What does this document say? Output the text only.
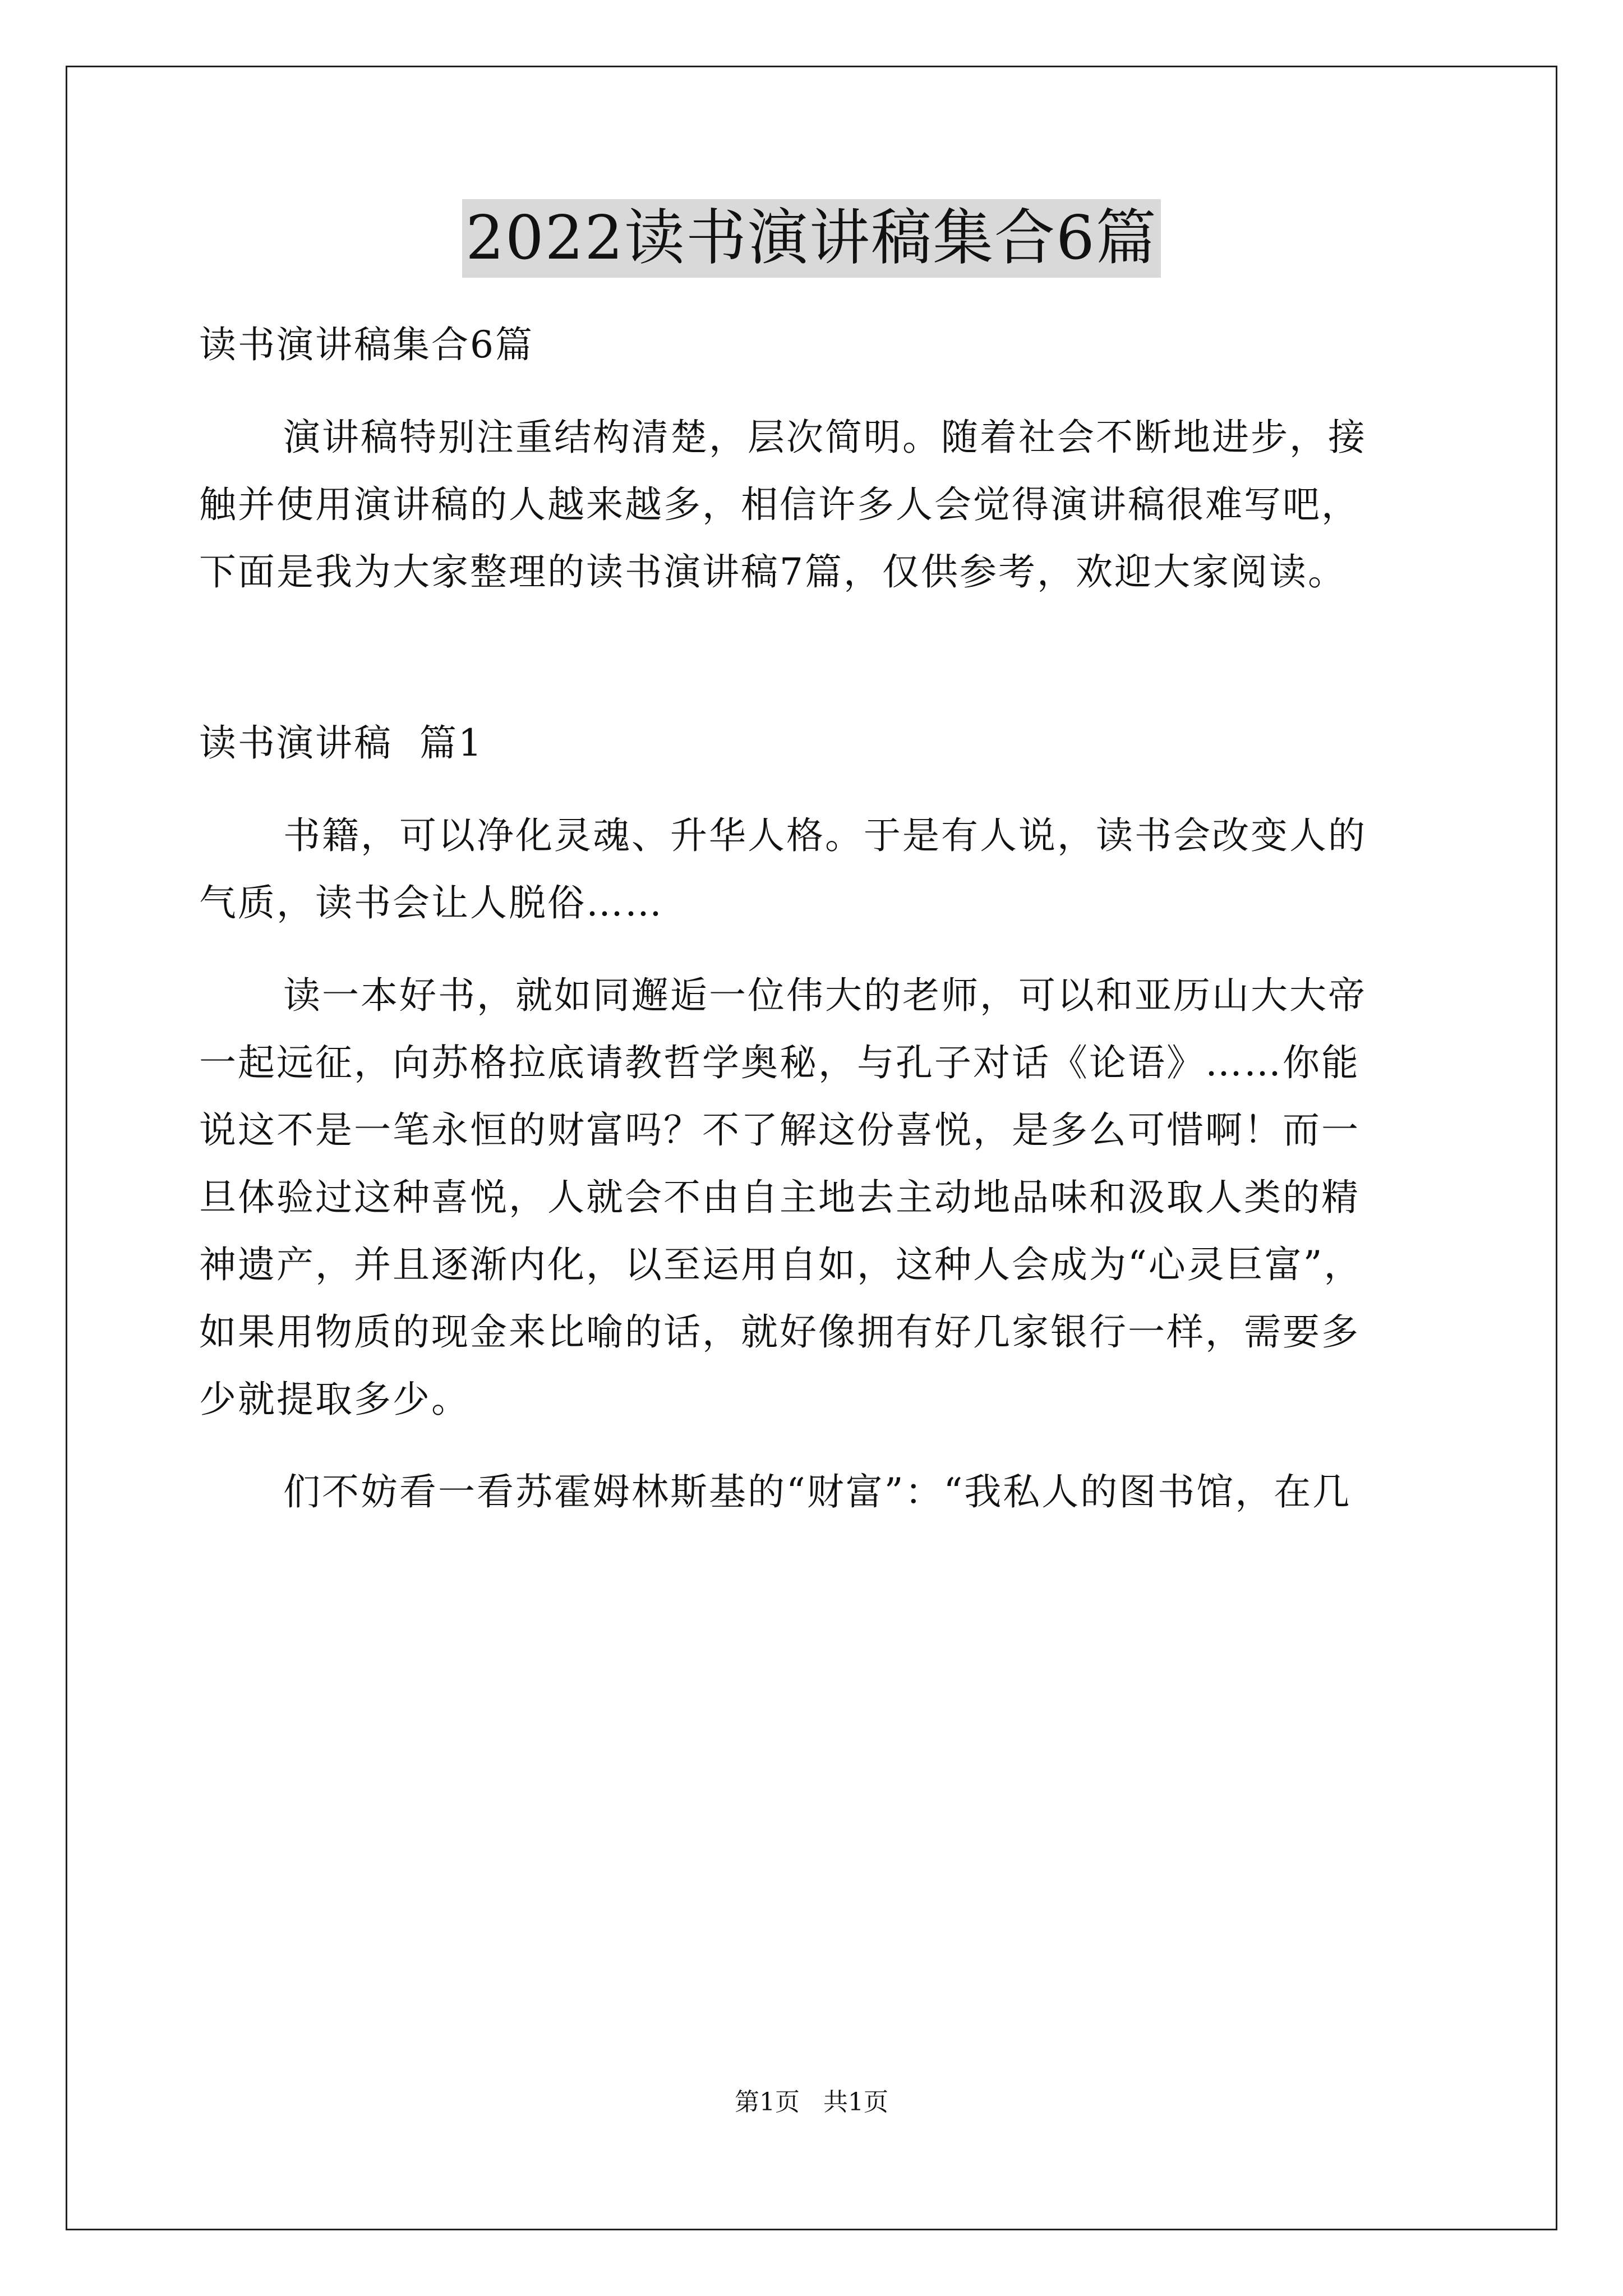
2022读书演讲稿集合6篇
读书演讲稿集合6篇
演讲稿特别注重结构清楚，层次简明。随着社会不断地进步，接
触并使用演讲稿的人越来越多，相信许多人会觉得演讲稿很难写吧，
下面是我为大家整理的读书演讲稿7篇，仅供参考，欢迎大家阅读。
读书演讲稿  篇1
书籍，可以净化灵魂、升华人格。于是有人说，读书会改变人的
气质，读书会让人脱俗……
读一本好书，就如同邂逅一位伟大的老师，可以和亚历山大大帝
一起远征，向苏格拉底请教哲学奥秘，与孔子对话《论语》……你能
说这不是一笔永恒的财富吗？不了解这份喜悦，是多么可惜啊！而一
旦体验过这种喜悦，人就会不由自主地去主动地品味和汲取人类的精
神遗产，并且逐渐内化，以至运用自如，这种人会成为“心灵巨富”，
如果用物质的现金来比喻的话，就好像拥有好几家银行一样，需要多
少就提取多少。
们不妨看一看苏霍姆林斯基的“财富”：“我私人的图书馆，在几
第1页   共1页
